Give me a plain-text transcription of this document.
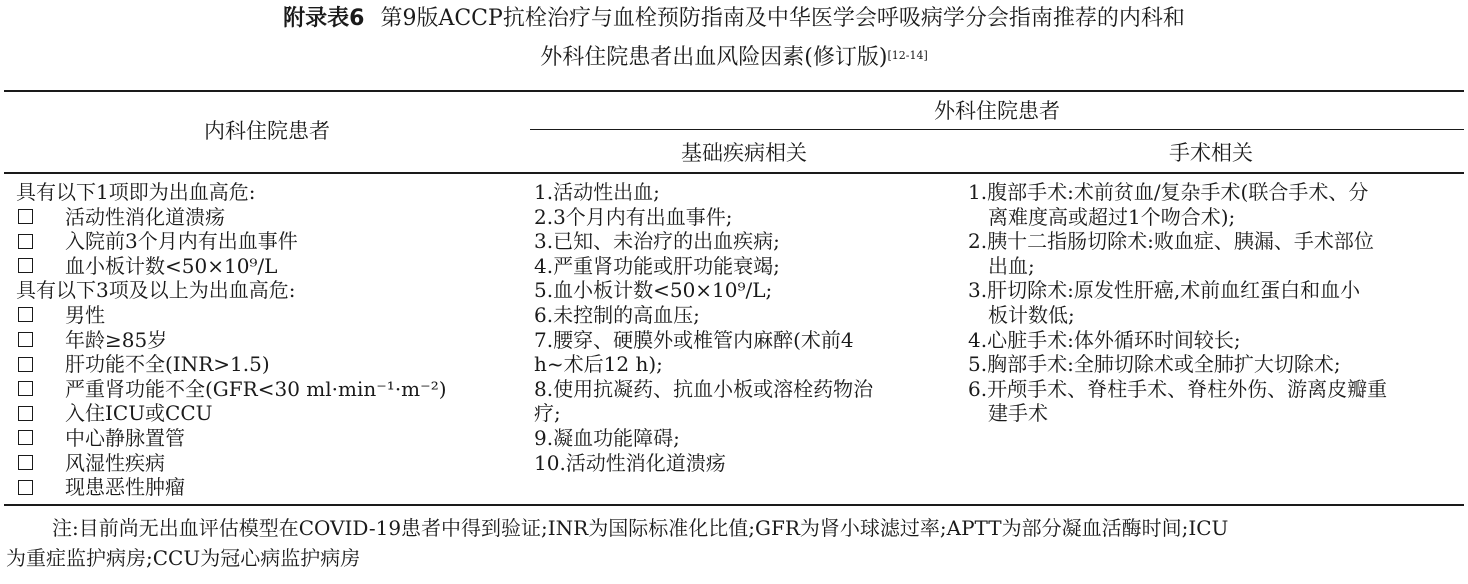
附录表6 第9版ACCP抗栓治疗与血栓预防指南及中华医学会呼吸病学分会指南推荐的内科和
外科住院患者出血风险因素(修订版)[12-14]
内科住院患者
外科住院患者
基础疾病相关	手术相关
具有以下1项即为出血高危:
活动性消化道溃疡
入院前3个月内有出血事件
血小板计数<50×10⁹/L
具有以下3项及以上为出血高危:
男性
年龄≥85岁
肝功能不全(INR>1.5)
严重肾功能不全(GFR<30 ml·min⁻¹·m⁻²)
入住ICU或CCU
中心静脉置管
风湿性疾病
现患恶性肿瘤
1.活动性出血;
2.3个月内有出血事件;
3.已知、未治疗的出血疾病;
4.严重肾功能或肝功能衰竭;
5.血小板计数<50×10⁹/L;
6.未控制的高血压;
7.腰穿、硬膜外或椎管内麻醉(术前4
h~术后12 h);
8.使用抗凝药、抗血小板或溶栓药物治
疗;
9.凝血功能障碍;
10.活动性消化道溃疡
1.腹部手术:术前贫血/复杂手术(联合手术、分
离难度高或超过1个吻合术);
2.胰十二指肠切除术:败血症、胰漏、手术部位
出血;
3.肝切除术:原发性肝癌,术前血红蛋白和血小
板计数低;
4.心脏手术:体外循环时间较长;
5.胸部手术:全肺切除术或全肺扩大切除术;
6.开颅手术、脊柱手术、脊柱外伤、游离皮瓣重
建手术
注:目前尚无出血评估模型在COVID-19患者中得到验证;INR为国际标准化比值;GFR为肾小球滤过率;APTT为部分凝血活酶时间;ICU
为重症监护病房;CCU为冠心病监护病房
